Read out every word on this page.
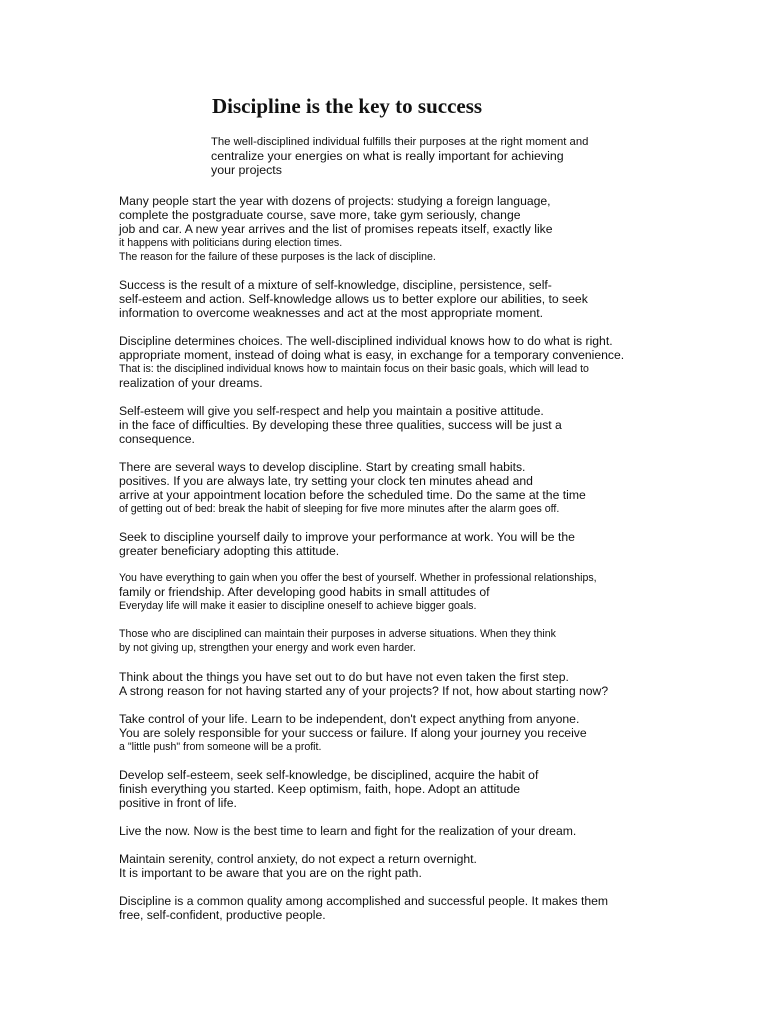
Discipline is the key to success
The well-disciplined individual fulfills their purposes at the right moment and
centralize your energies on what is really important for achieving
your projects
Many people start the year with dozens of projects: studying a foreign language,
complete the postgraduate course, save more, take gym seriously, change
job and car. A new year arrives and the list of promises repeats itself, exactly like
it happens with politicians during election times.
The reason for the failure of these purposes is the lack of discipline.
Success is the result of a mixture of self-knowledge, discipline, persistence, self-
self-esteem and action. Self-knowledge allows us to better explore our abilities, to seek
information to overcome weaknesses and act at the most appropriate moment.
Discipline determines choices. The well-disciplined individual knows how to do what is right.
appropriate moment, instead of doing what is easy, in exchange for a temporary convenience.
That is: the disciplined individual knows how to maintain focus on their basic goals, which will lead to
realization of your dreams.
Self-esteem will give you self-respect and help you maintain a positive attitude.
in the face of difficulties. By developing these three qualities, success will be just a
consequence.
There are several ways to develop discipline. Start by creating small habits.
positives. If you are always late, try setting your clock ten minutes ahead and
arrive at your appointment location before the scheduled time. Do the same at the time
of getting out of bed: break the habit of sleeping for five more minutes after the alarm goes off.
Seek to discipline yourself daily to improve your performance at work. You will be the
greater beneficiary adopting this attitude.
You have everything to gain when you offer the best of yourself. Whether in professional relationships,
family or friendship. After developing good habits in small attitudes of
Everyday life will make it easier to discipline oneself to achieve bigger goals.
Those who are disciplined can maintain their purposes in adverse situations. When they think
by not giving up, strengthen your energy and work even harder.
Think about the things you have set out to do but have not even taken the first step.
A strong reason for not having started any of your projects? If not, how about starting now?
Take control of your life. Learn to be independent, don't expect anything from anyone.
You are solely responsible for your success or failure. If along your journey you receive
a "little push" from someone will be a profit.
Develop self-esteem, seek self-knowledge, be disciplined, acquire the habit of
finish everything you started. Keep optimism, faith, hope. Adopt an attitude
positive in front of life.
Live the now. Now is the best time to learn and fight for the realization of your dream.
Maintain serenity, control anxiety, do not expect a return overnight.
It is important to be aware that you are on the right path.
Discipline is a common quality among accomplished and successful people. It makes them
free, self-confident, productive people.
